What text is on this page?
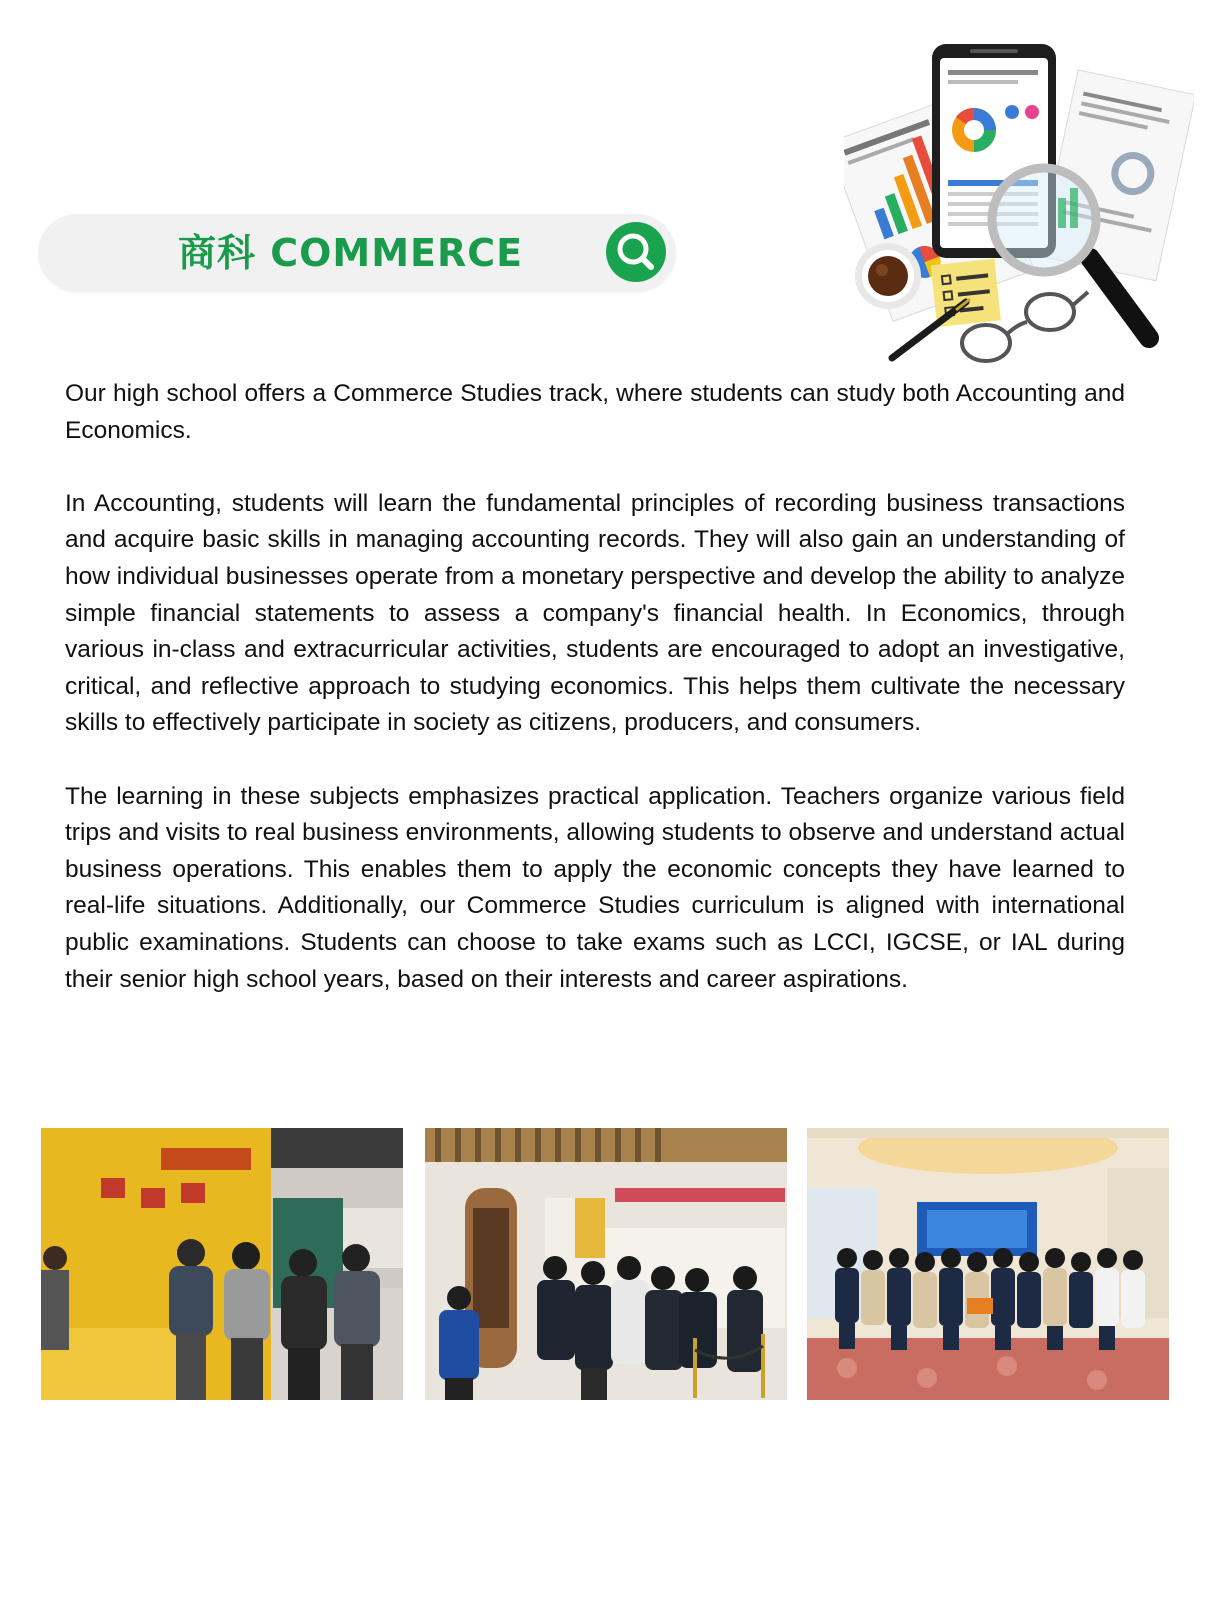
商科 COMMERCE

Our high school offers a Commerce Studies track, where students can study both Accounting and Economics.

In Accounting, students will learn the fundamental principles of recording business transactions and acquire basic skills in managing accounting records. They will also gain an understanding of how individual businesses operate from a monetary perspective and develop the ability to analyze simple financial statements to assess a company's financial health. In Economics, through various in-class and extracurricular activities, students are encouraged to adopt an investigative, critical, and reflective approach to studying economics. This helps them cultivate the necessary skills to effectively participate in society as citizens, producers, and consumers.

The learning in these subjects emphasizes practical application. Teachers organize various field trips and visits to real business environments, allowing students to observe and understand actual business operations. This enables them to apply the economic concepts they have learned to real-life situations. Additionally, our Commerce Studies curriculum is aligned with international public examinations. Students can choose to take exams such as LCCI, IGCSE, or IAL during their senior high school years, based on their interests and career aspirations.
